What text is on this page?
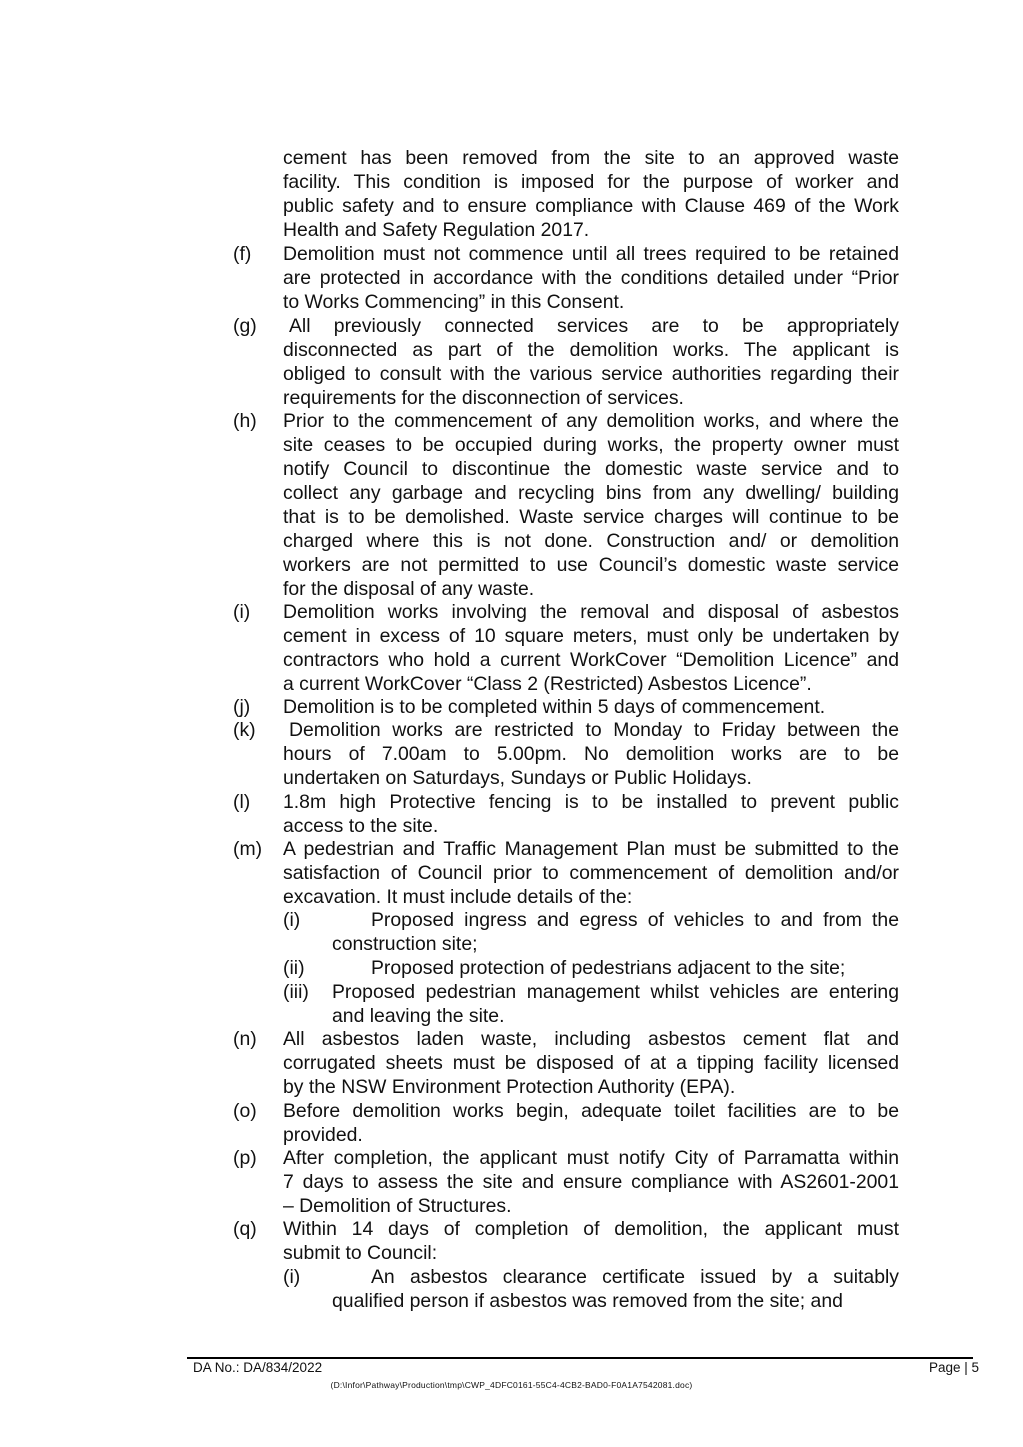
cement has been removed from the site to an approved waste
facility. This condition is imposed for the purpose of worker and
public safety and to ensure compliance with Clause 469 of the Work
Health and Safety Regulation 2017.
(f) Demolition must not commence until all trees required to be retained
are protected in accordance with the conditions detailed under “Prior
to Works Commencing” in this Consent.
(g) All previously connected services are to be appropriately
disconnected as part of the demolition works. The applicant is
obliged to consult with the various service authorities regarding their
requirements for the disconnection of services.
(h) Prior to the commencement of any demolition works, and where the
site ceases to be occupied during works, the property owner must
notify Council to discontinue the domestic waste service and to
collect any garbage and recycling bins from any dwelling/ building
that is to be demolished. Waste service charges will continue to be
charged where this is not done. Construction and/ or demolition
workers are not permitted to use Council’s domestic waste service
for the disposal of any waste.
(i) Demolition works involving the removal and disposal of asbestos
cement in excess of 10 square meters, must only be undertaken by
contractors who hold a current WorkCover “Demolition Licence” and
a current WorkCover “Class 2 (Restricted) Asbestos Licence”.
(j) Demolition is to be completed within 5 days of commencement.
(k) Demolition works are restricted to Monday to Friday between the
hours of 7.00am to 5.00pm. No demolition works are to be
undertaken on Saturdays, Sundays or Public Holidays.
(l) 1.8m high Protective fencing is to be installed to prevent public
access to the site.
(m) A pedestrian and Traffic Management Plan must be submitted to the
satisfaction of Council prior to commencement of demolition and/or
excavation. It must include details of the:
(i)	Proposed ingress and egress of vehicles to and from the
construction site;
(ii)	Proposed protection of pedestrians adjacent to the site;
(iii) Proposed pedestrian management whilst vehicles are entering
and leaving the site.
(n) All asbestos laden waste, including asbestos cement flat and
corrugated sheets must be disposed of at a tipping facility licensed
by the NSW Environment Protection Authority (EPA).
(o) Before demolition works begin, adequate toilet facilities are to be
provided.
(p) After completion, the applicant must notify City of Parramatta within
7 days to assess the site and ensure compliance with AS2601-2001
– Demolition of Structures.
(q) Within 14 days of completion of demolition, the applicant must
submit to Council:
(i)	An asbestos clearance certificate issued by a suitably
qualified person if asbestos was removed from the site; and
DA No.: DA/834/2022	Page | 5
(D:\Infor\Pathway\Production\tmp\CWP_4DFC0161-55C4-4CB2-BAD0-F0A1A7542081.doc)
